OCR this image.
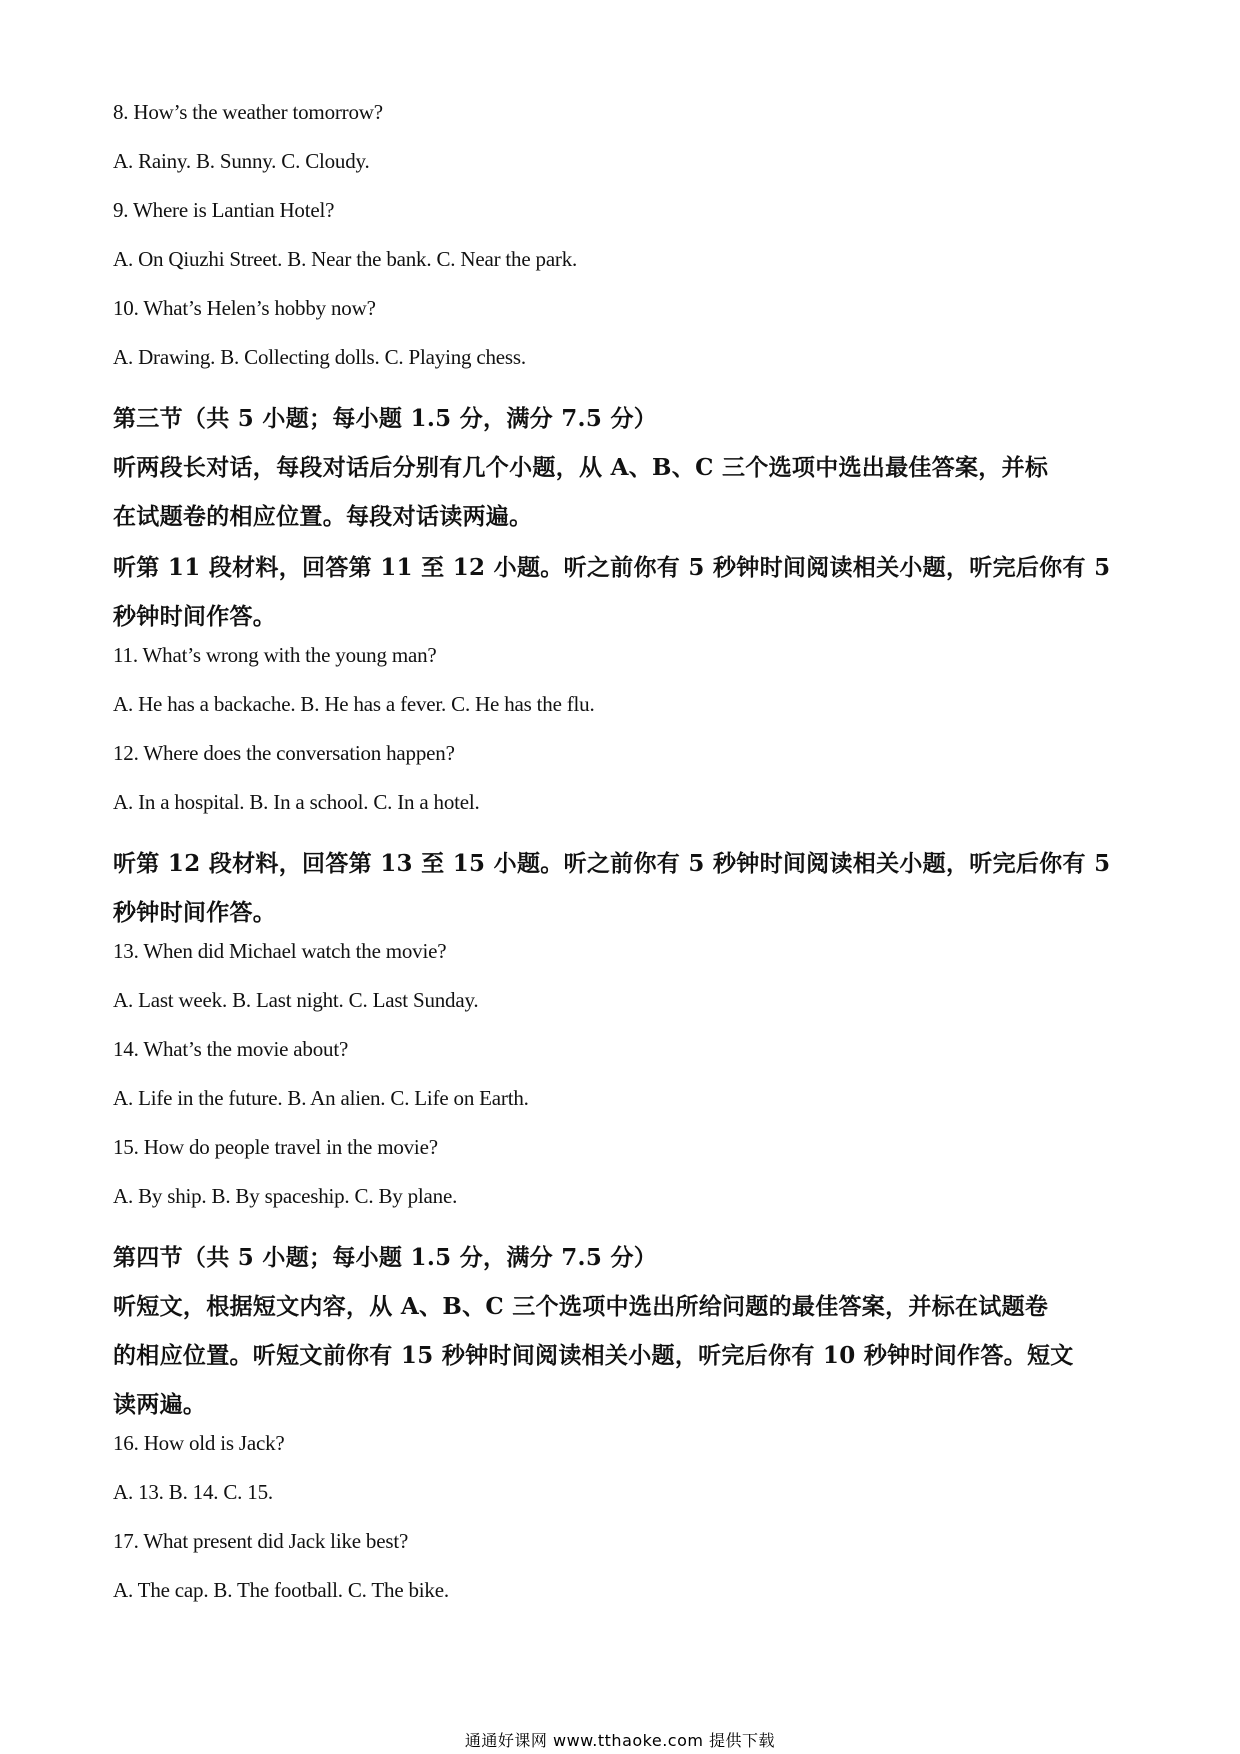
8. How’s the weather tomorrow?
A. Rainy. B. Sunny. C. Cloudy.
9. Where is Lantian Hotel?
A. On Qiuzhi Street. B. Near the bank. C. Near the park.
10. What’s Helen’s hobby now?
A. Drawing. B. Collecting dolls. C. Playing chess.
第三节（共 5 小题；每小题 1.5 分，满分 7.5 分）
听两段长对话，每段对话后分别有几个小题，从 A、B、C 三个选项中选出最佳答案，并标
在试题卷的相应位置。每段对话读两遍。
听第 11 段材料，回答第 11 至 12 小题。听之前你有 5 秒钟时间阅读相关小题，听完后你有 5
秒钟时间作答。
11. What’s wrong with the young man?
A. He has a backache. B. He has a fever. C. He has the flu.
12. Where does the conversation happen?
A. In a hospital. B. In a school. C. In a hotel.
听第 12 段材料，回答第 13 至 15 小题。听之前你有 5 秒钟时间阅读相关小题，听完后你有 5
秒钟时间作答。
13. When did Michael watch the movie?
A. Last week. B. Last night. C. Last Sunday.
14. What’s the movie about?
A. Life in the future. B. An alien. C. Life on Earth.
15. How do people travel in the movie?
A. By ship. B. By spaceship. C. By plane.
第四节（共 5 小题；每小题 1.5 分，满分 7.5 分）
听短文，根据短文内容，从 A、B、C 三个选项中选出所给问题的最佳答案，并标在试题卷
的相应位置。听短文前你有 15 秒钟时间阅读相关小题，听完后你有 10 秒钟时间作答。短文
读两遍。
16. How old is Jack?
A. 13. B. 14. C. 15.
17. What present did Jack like best?
A. The cap. B. The football. C. The bike.
通通好课网 www.tthaoke.com 提供下载
